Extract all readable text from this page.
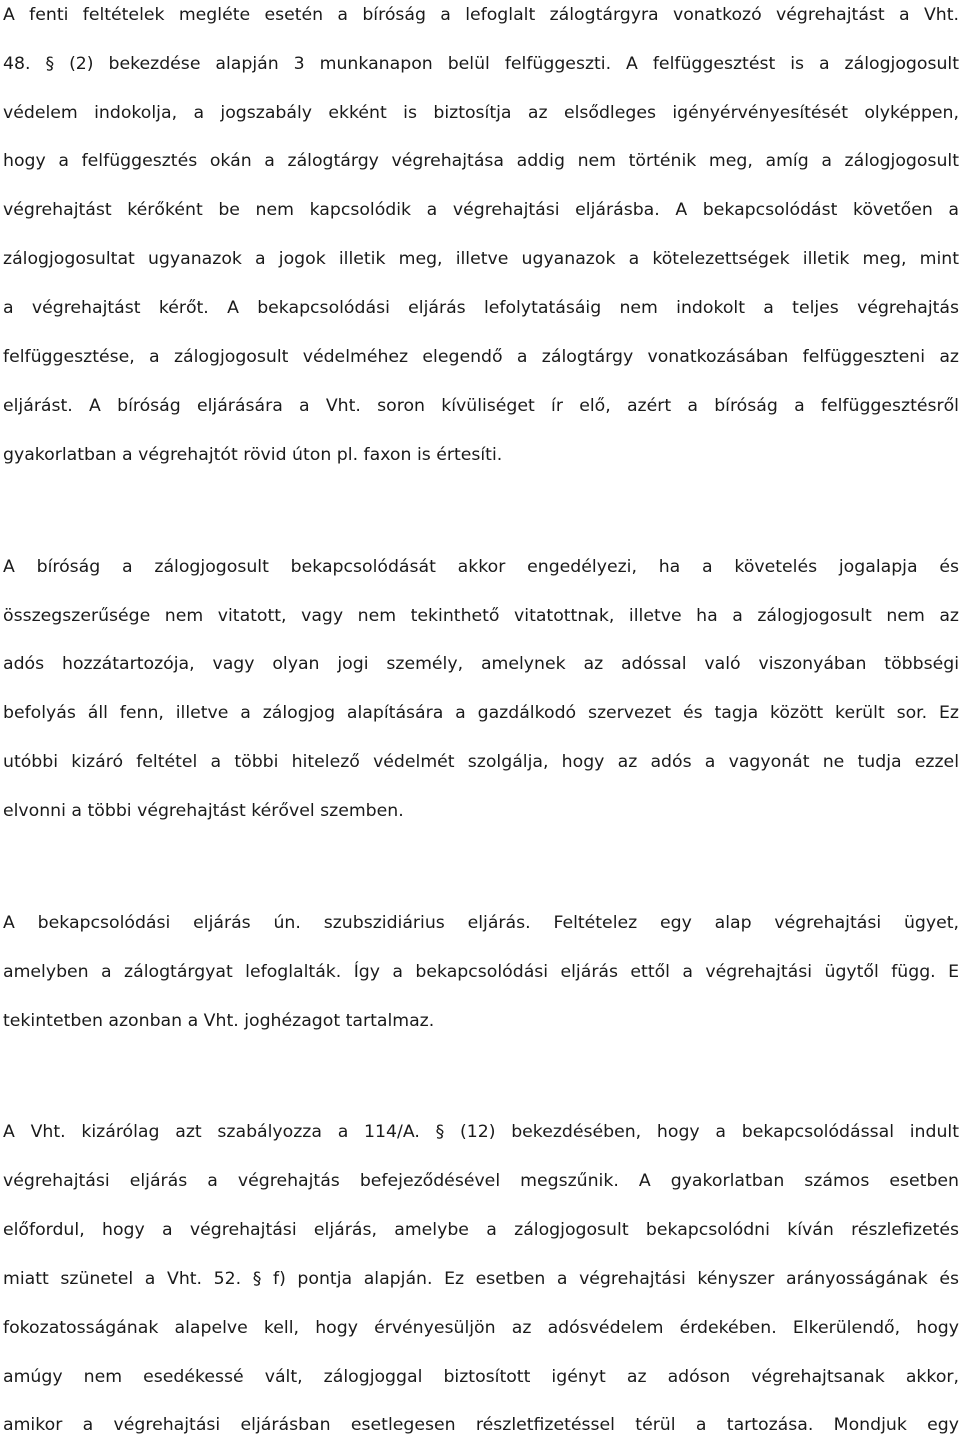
A fenti feltételek megléte esetén a bíróság a lefoglalt zálogtárgyra vonatkozó végrehajtást a Vht.
48. § (2) bekezdése alapján 3 munkanapon belül felfüggeszti. A felfüggesztést is a zálogjogosult
védelem indokolja, a jogszabály ekként is biztosítja az elsődleges igényérvényesítését olyképpen,
hogy a felfüggesztés okán a zálogtárgy végrehajtása addig nem történik meg, amíg a zálogjogosult
végrehajtást kérőként be nem kapcsolódik a végrehajtási eljárásba. A bekapcsolódást követően a
zálogjogosultat ugyanazok a jogok illetik meg, illetve ugyanazok a kötelezettségek illetik meg, mint
a végrehajtást kérőt. A bekapcsolódási eljárás lefolytatásáig nem indokolt a teljes végrehajtás
felfüggesztése, a zálogjogosult védelméhez elegendő a zálogtárgy vonatkozásában felfüggeszteni az
eljárást. A bíróság eljárására a Vht. soron kívüliséget ír elő, azért a bíróság a felfüggesztésről
gyakorlatban a végrehajtót rövid úton pl. faxon is értesíti.
A bíróság a zálogjogosult bekapcsolódását akkor engedélyezi, ha a követelés jogalapja és
összegszerűsége nem vitatott, vagy nem tekinthető vitatottnak, illetve ha a zálogjogosult nem az
adós hozzátartozója, vagy olyan jogi személy, amelynek az adóssal való viszonyában többségi
befolyás áll fenn, illetve a zálogjog alapítására a gazdálkodó szervezet és tagja között került sor. Ez
utóbbi kizáró feltétel a többi hitelező védelmét szolgálja, hogy az adós a vagyonát ne tudja ezzel
elvonni a többi végrehajtást kérővel szemben.
A bekapcsolódási eljárás ún. szubszidiárius eljárás. Feltételez egy alap végrehajtási ügyet,
amelyben a zálogtárgyat lefoglalták. Így a bekapcsolódási eljárás ettől a végrehajtási ügytől függ. E
tekintetben azonban a Vht. joghézagot tartalmaz.
A Vht. kizárólag azt szabályozza a 114/A. § (12) bekezdésében, hogy a bekapcsolódással indult
végrehajtási eljárás a végrehajtás befejeződésével megszűnik. A gyakorlatban számos esetben
előfordul, hogy a végrehajtási eljárás, amelybe a zálogjogosult bekapcsolódni kíván részlefizetés
miatt szünetel a Vht. 52. § f) pontja alapján. Ez esetben a végrehajtási kényszer arányosságának és
fokozatosságának alapelve kell, hogy érvényesüljön az adósvédelem érdekében. Elkerülendő, hogy
amúgy nem esedékessé vált, zálogjoggal biztosított igényt az adóson végrehajtsanak akkor,
amikor a végrehajtási eljárásban esetlegesen részletfizetéssel térül a tartozása. Mondjuk egy
